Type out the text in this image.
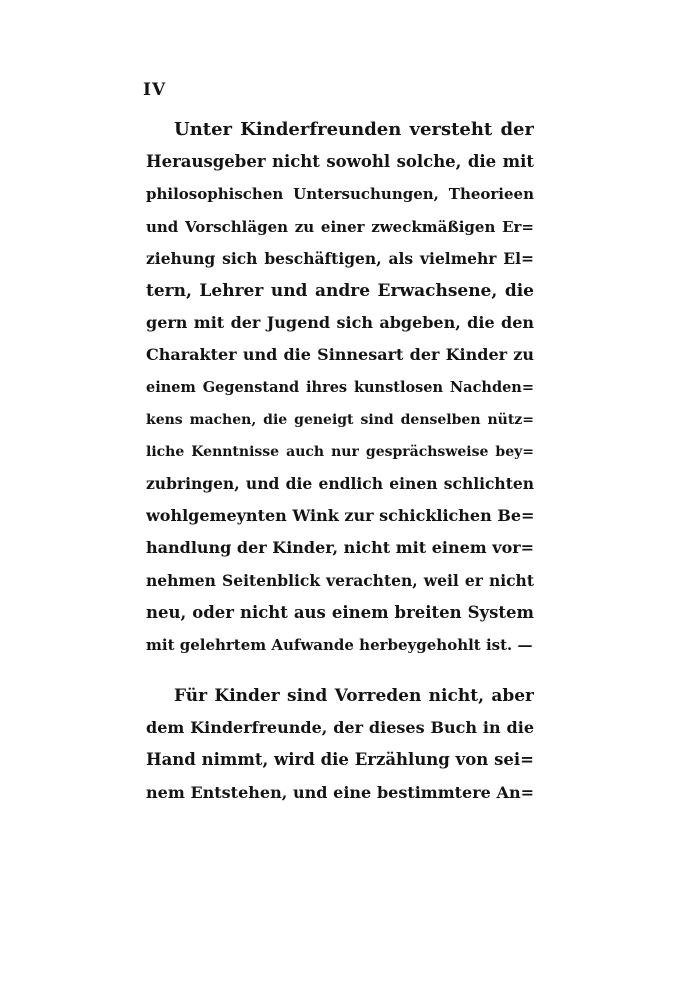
IV
Unter Kinderfreunden versteht der
Herausgeber nicht sowohl solche, die mit
philosophischen Untersuchungen, Theorieen
und Vorschlägen zu einer zweckmäßigen Er=
ziehung sich beschäftigen, als vielmehr El=
tern, Lehrer und andre Erwachsene, die
gern mit der Jugend sich abgeben, die den
Charakter und die Sinnesart der Kinder zu
einem Gegenstand ihres kunstlosen Nachden=
kens machen, die geneigt sind denselben nütz=
liche Kenntnisse auch nur gesprächsweise bey=
zubringen, und die endlich einen schlichten
wohlgemeynten Wink zur schicklichen Be=
handlung der Kinder, nicht mit einem vor=
nehmen Seitenblick verachten, weil er nicht
neu, oder nicht aus einem breiten System
mit gelehrtem Aufwande herbeygehohlt ist. —
Für Kinder sind Vorreden nicht, aber
dem Kinderfreunde, der dieses Buch in die
Hand nimmt, wird die Erzählung von sei=
nem Entstehen, und eine bestimmtere An=
